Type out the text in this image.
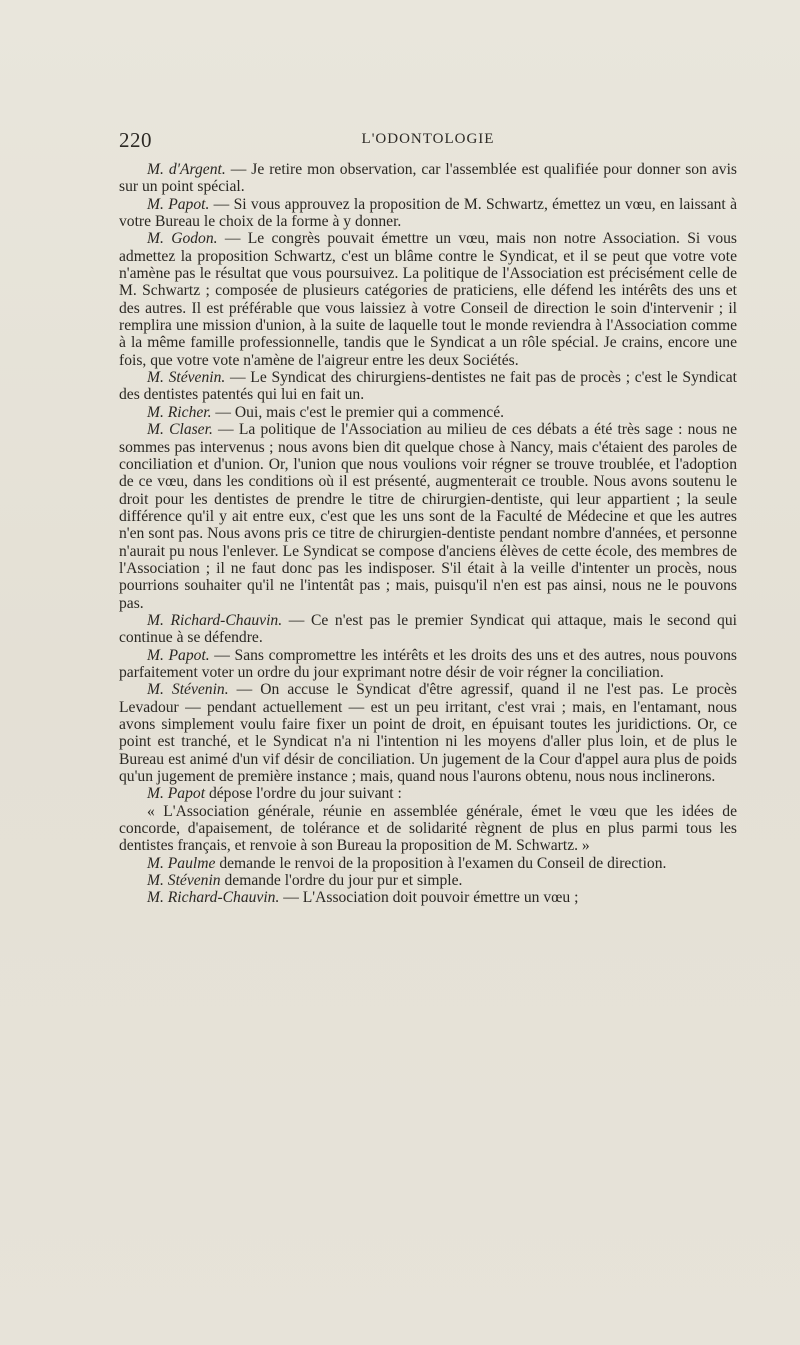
220	L'ODONTOLOGIE

M. d'Argent. — Je retire mon observation, car l'assemblée est qualifiée pour donner son avis sur un point spécial.

M. Papot. — Si vous approuvez la proposition de M. Schwartz, émettez un vœu, en laissant à votre Bureau le choix de la forme à y donner.

M. Godon. — Le congrès pouvait émettre un vœu, mais non notre Association. Si vous admettez la proposition Schwartz, c'est un blâme contre le Syndicat, et il se peut que votre vote n'amène pas le résultat que vous poursuivez. La politique de l'Association est précisément celle de M. Schwartz ; composée de plusieurs catégories de praticiens, elle défend les intérêts des uns et des autres. Il est préférable que vous laissiez à votre Conseil de direction le soin d'intervenir ; il remplira une mission d'union, à la suite de laquelle tout le monde reviendra à l'Association comme à la même famille professionnelle, tandis que le Syndicat a un rôle spécial. Je crains, encore une fois, que votre vote n'amène de l'aigreur entre les deux Sociétés.

M. Stévenin. — Le Syndicat des chirurgiens-dentistes ne fait pas de procès ; c'est le Syndicat des dentistes patentés qui lui en fait un.

M. Richer. — Oui, mais c'est le premier qui a commencé.

M. Claser. — La politique de l'Association au milieu de ces débats a été très sage : nous ne sommes pas intervenus ; nous avons bien dit quelque chose à Nancy, mais c'étaient des paroles de conciliation et d'union. Or, l'union que nous voulions voir régner se trouve troublée, et l'adoption de ce vœu, dans les conditions où il est présenté, augmenterait ce trouble. Nous avons soutenu le droit pour les dentistes de prendre le titre de chirurgien-dentiste, qui leur appartient ; la seule différence qu'il y ait entre eux, c'est que les uns sont de la Faculté de Médecine et que les autres n'en sont pas. Nous avons pris ce titre de chirurgien-dentiste pendant nombre d'années, et personne n'aurait pu nous l'enlever. Le Syndicat se compose d'anciens élèves de cette école, des membres de l'Association ; il ne faut donc pas les indisposer. S'il était à la veille d'intenter un procès, nous pourrions souhaiter qu'il ne l'intentât pas ; mais, puisqu'il n'en est pas ainsi, nous ne le pouvons pas.

M. Richard-Chauvin. — Ce n'est pas le premier Syndicat qui attaque, mais le second qui continue à se défendre.

M. Papot. — Sans compromettre les intérêts et les droits des uns et des autres, nous pouvons parfaitement voter un ordre du jour exprimant notre désir de voir régner la conciliation.

M. Stévenin. — On accuse le Syndicat d'être agressif, quand il ne l'est pas. Le procès Levadour — pendant actuellement — est un peu irritant, c'est vrai ; mais, en l'entamant, nous avons simplement voulu faire fixer un point de droit, en épuisant toutes les juridictions. Or, ce point est tranché, et le Syndicat n'a ni l'intention ni les moyens d'aller plus loin, et de plus le Bureau est animé d'un vif désir de conciliation. Un jugement de la Cour d'appel aura plus de poids qu'un jugement de première instance ; mais, quand nous l'aurons obtenu, nous nous inclinerons.

M. Papot dépose l'ordre du jour suivant :

« L'Association générale, réunie en assemblée générale, émet le vœu que les idées de concorde, d'apaisement, de tolérance et de solidarité règnent de plus en plus parmi tous les dentistes français, et renvoie à son Bureau la proposition de M. Schwartz. »

M. Paulme demande le renvoi de la proposition à l'examen du Conseil de direction.

M. Stévenin demande l'ordre du jour pur et simple.

M. Richard-Chauvin. — L'Association doit pouvoir émettre un vœu ;
